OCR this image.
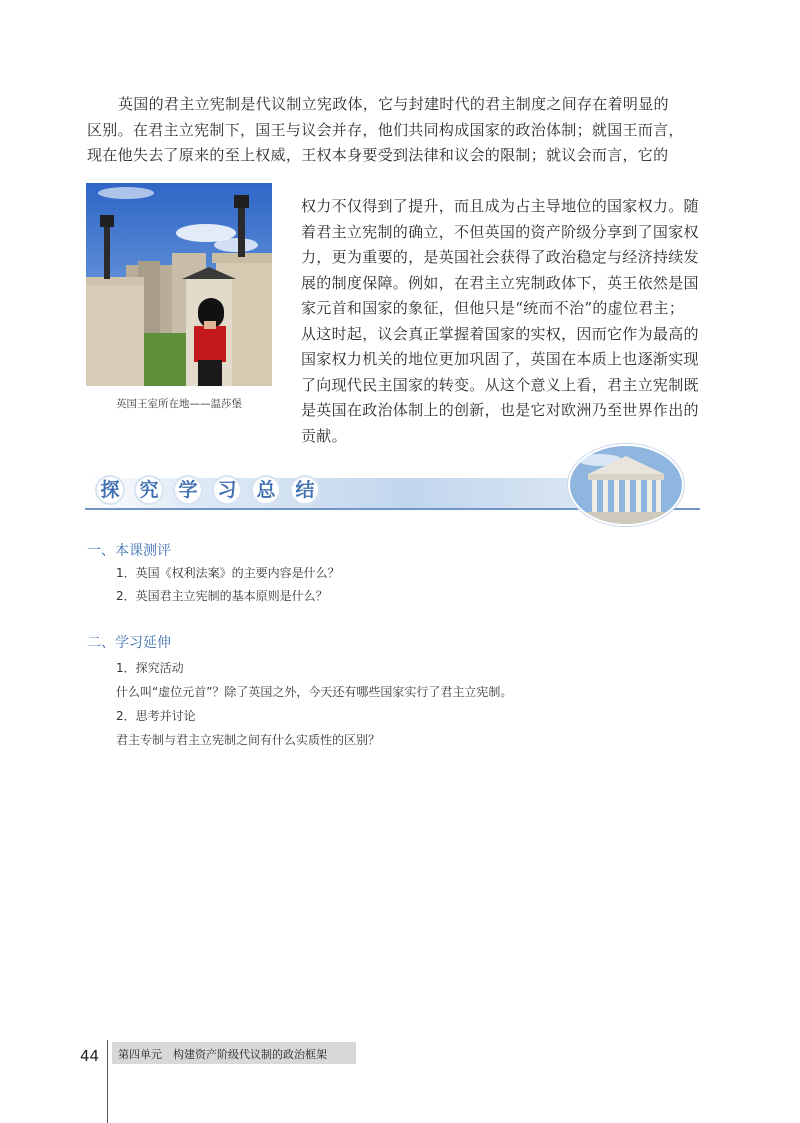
英国的君主立宪制是代议制立宪政体，它与封建时代的君主制度之间存在着明显的
区别。在君主立宪制下，国王与议会并存，他们共同构成国家的政治体制；就国王而言，
现在他失去了原来的至上权威，王权本身要受到法律和议会的限制；就议会而言，它的
英国王室所在地——温莎堡
权力不仅得到了提升，而且成为占主导地位的国家权力。随
着君主立宪制的确立，不但英国的资产阶级分享到了国家权
力，更为重要的，是英国社会获得了政治稳定与经济持续发
展的制度保障。例如，在君主立宪制政体下，英王依然是国
家元首和国家的象征，但他只是“统而不治”的虚位君主；
从这时起，议会真正掌握着国家的实权，因而它作为最高的
国家权力机关的地位更加巩固了，英国在本质上也逐渐实现
了向现代民主国家的转变。从这个意义上看，君主立宪制既
是英国在政治体制上的创新，也是它对欧洲乃至世界作出的
贡献。
探 究 学 习 总 结
一、本课测评
1．英国《权利法案》的主要内容是什么？
2．英国君主立宪制的基本原则是什么？
二、学习延伸
1．探究活动
什么叫“虚位元首”？除了英国之外，今天还有哪些国家实行了君主立宪制。
2．思考并讨论
君主专制与君主立宪制之间有什么实质性的区别？
44 第四单元　构建资产阶级代议制的政治框架
